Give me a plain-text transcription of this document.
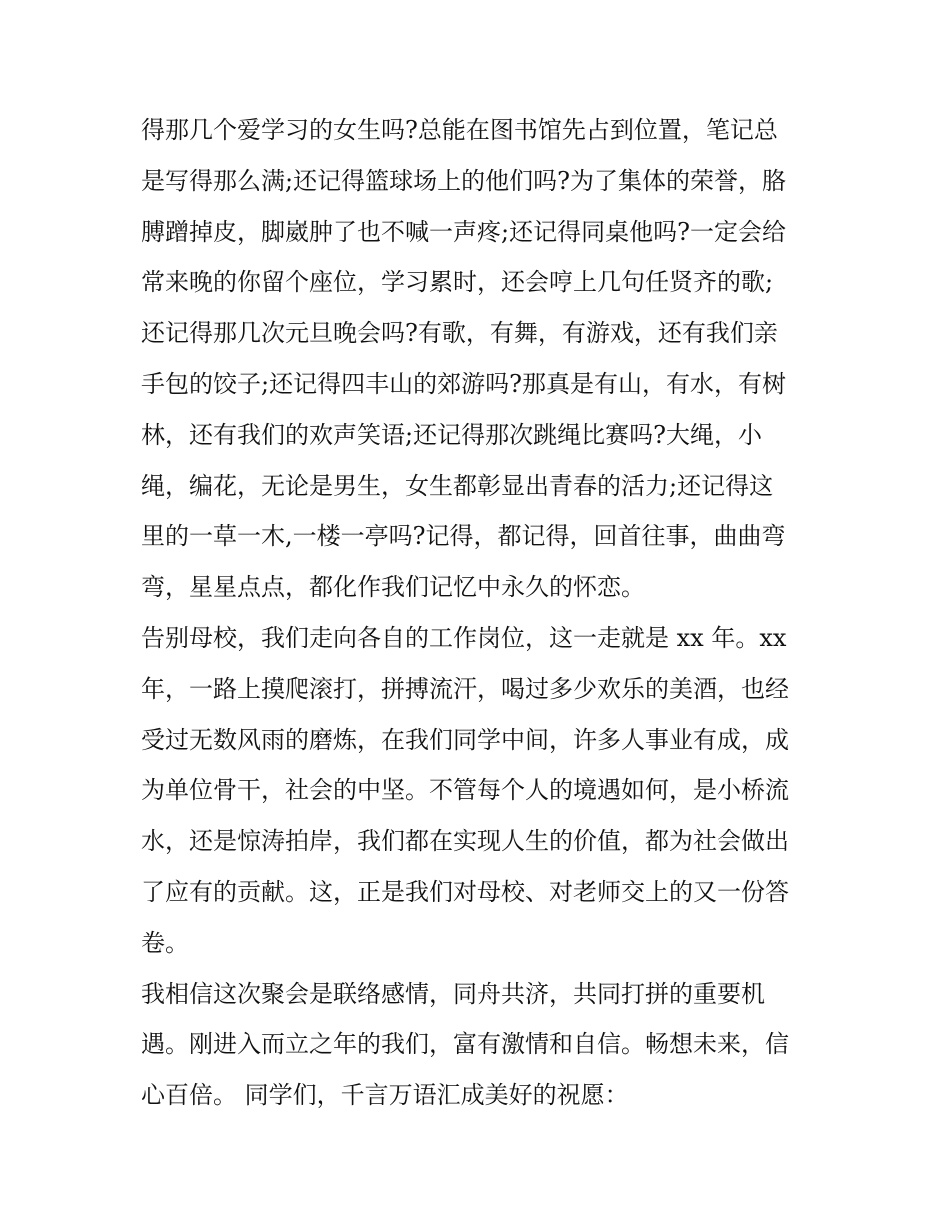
得那几个爱学习的女生吗?总能在图书馆先占到位置，笔记总
是写得那么满;还记得篮球场上的他们吗?为了集体的荣誉，胳
膊蹭掉皮，脚崴肿了也不喊一声疼;还记得同桌他吗?一定会给
常来晚的你留个座位，学习累时，还会哼上几句任贤齐的歌;
还记得那几次元旦晚会吗?有歌，有舞，有游戏，还有我们亲
手包的饺子;还记得四丰山的郊游吗?那真是有山，有水，有树
林，还有我们的欢声笑语;还记得那次跳绳比赛吗?大绳，小
绳，编花，无论是男生，女生都彰显出青春的活力;还记得这
里的一草一木,一楼一亭吗?记得，都记得，回首往事，曲曲弯
弯，星星点点，都化作我们记忆中永久的怀恋。

告别母校，我们走向各自的工作岗位，这一走就是 xx 年。xx
年，一路上摸爬滚打，拼搏流汗，喝过多少欢乐的美酒，也经
受过无数风雨的磨炼，在我们同学中间，许多人事业有成，成
为单位骨干，社会的中坚。不管每个人的境遇如何，是小桥流
水，还是惊涛拍岸，我们都在实现人生的价值，都为社会做出
了应有的贡献。这，正是我们对母校、对老师交上的又一份答
卷。

我相信这次聚会是联络感情，同舟共济，共同打拼的重要机
遇。刚进入而立之年的我们，富有激情和自信。畅想未来，信
心百倍。 同学们，千言万语汇成美好的祝愿：
